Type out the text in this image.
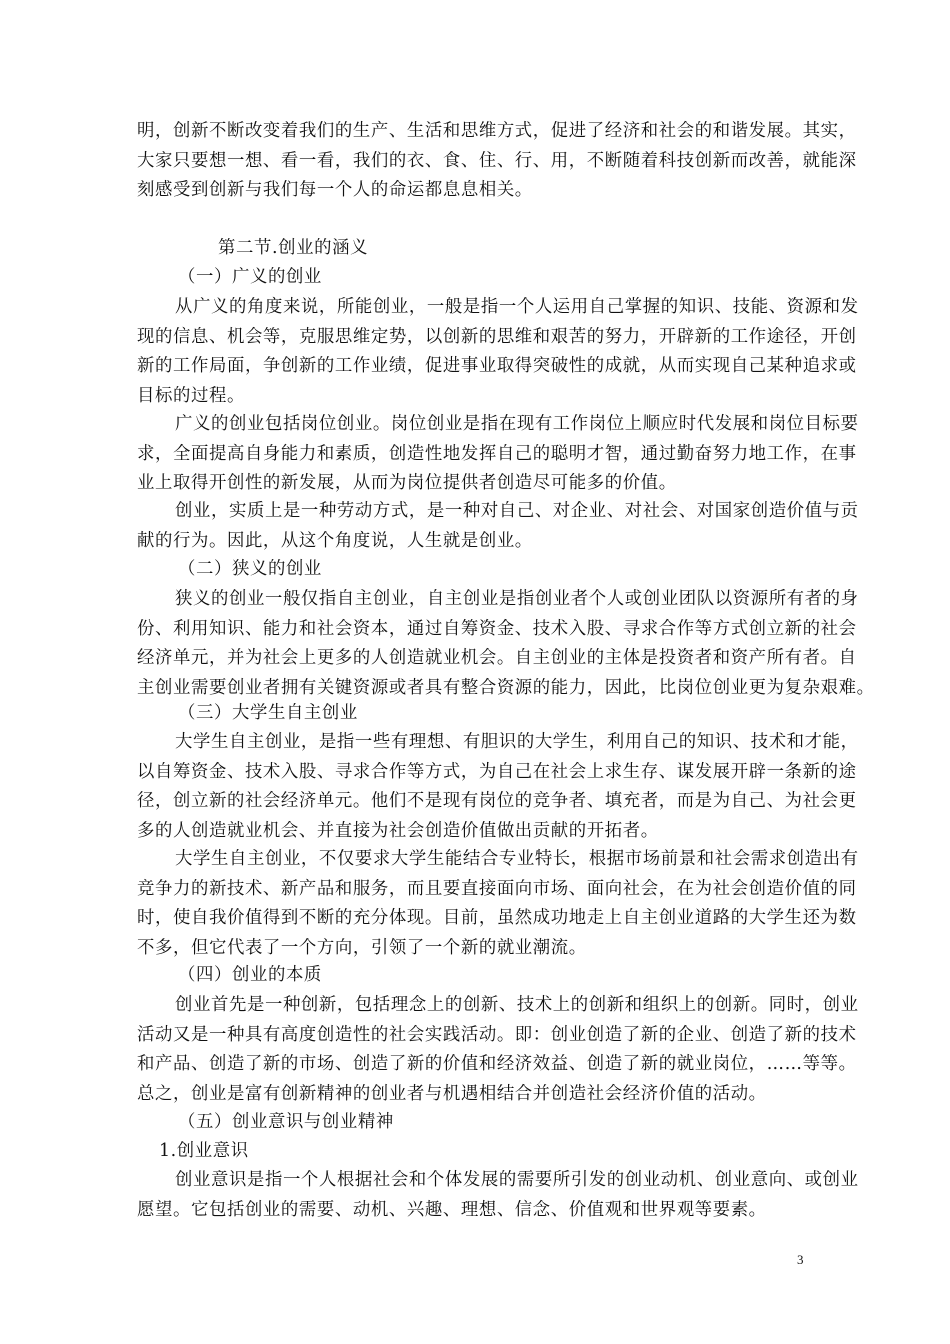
明，创新不断改变着我们的生产、生活和思维方式，促进了经济和社会的和谐发展。其实，
大家只要想一想、看一看，我们的衣、食、住、行、用，不断随着科技创新而改善，就能深
刻感受到创新与我们每一个人的命运都息息相关。

第二节.创业的涵义

（一）广义的创业

从广义的角度来说，所能创业，一般是指一个人运用自己掌握的知识、技能、资源和发
现的信息、机会等，克服思维定势，以创新的思维和艰苦的努力，开辟新的工作途径，开创
新的工作局面，争创新的工作业绩，促进事业取得突破性的成就，从而实现自己某种追求或
目标的过程。

广义的创业包括岗位创业。岗位创业是指在现有工作岗位上顺应时代发展和岗位目标要
求，全面提高自身能力和素质，创造性地发挥自己的聪明才智，通过勤奋努力地工作，在事
业上取得开创性的新发展，从而为岗位提供者创造尽可能多的价值。

创业，实质上是一种劳动方式，是一种对自己、对企业、对社会、对国家创造价值与贡
献的行为。因此，从这个角度说，人生就是创业。

（二）狭义的创业

狭义的创业一般仅指自主创业，自主创业是指创业者个人或创业团队以资源所有者的身
份、利用知识、能力和社会资本，通过自筹资金、技术入股、寻求合作等方式创立新的社会
经济单元，并为社会上更多的人创造就业机会。自主创业的主体是投资者和资产所有者。自
主创业需要创业者拥有关键资源或者具有整合资源的能力，因此，比岗位创业更为复杂艰难。

（三）大学生自主创业

大学生自主创业，是指一些有理想、有胆识的大学生，利用自己的知识、技术和才能，
以自筹资金、技术入股、寻求合作等方式，为自己在社会上求生存、谋发展开辟一条新的途
径，创立新的社会经济单元。他们不是现有岗位的竞争者、填充者，而是为自己、为社会更
多的人创造就业机会、并直接为社会创造价值做出贡献的开拓者。

大学生自主创业，不仅要求大学生能结合专业特长，根据市场前景和社会需求创造出有
竞争力的新技术、新产品和服务，而且要直接面向市场、面向社会，在为社会创造价值的同
时，使自我价值得到不断的充分体现。目前，虽然成功地走上自主创业道路的大学生还为数
不多，但它代表了一个方向，引领了一个新的就业潮流。

（四）创业的本质

创业首先是一种创新，包括理念上的创新、技术上的创新和组织上的创新。同时，创业
活动又是一种具有高度创造性的社会实践活动。即：创业创造了新的企业、创造了新的技术
和产品、创造了新的市场、创造了新的价值和经济效益、创造了新的就业岗位，……等等。
总之，创业是富有创新精神的创业者与机遇相结合并创造社会经济价值的活动。

（五）创业意识与创业精神

1.创业意识

创业意识是指一个人根据社会和个体发展的需要所引发的创业动机、创业意向、或创业
愿望。它包括创业的需要、动机、兴趣、理想、信念、价值观和世界观等要素。

3
